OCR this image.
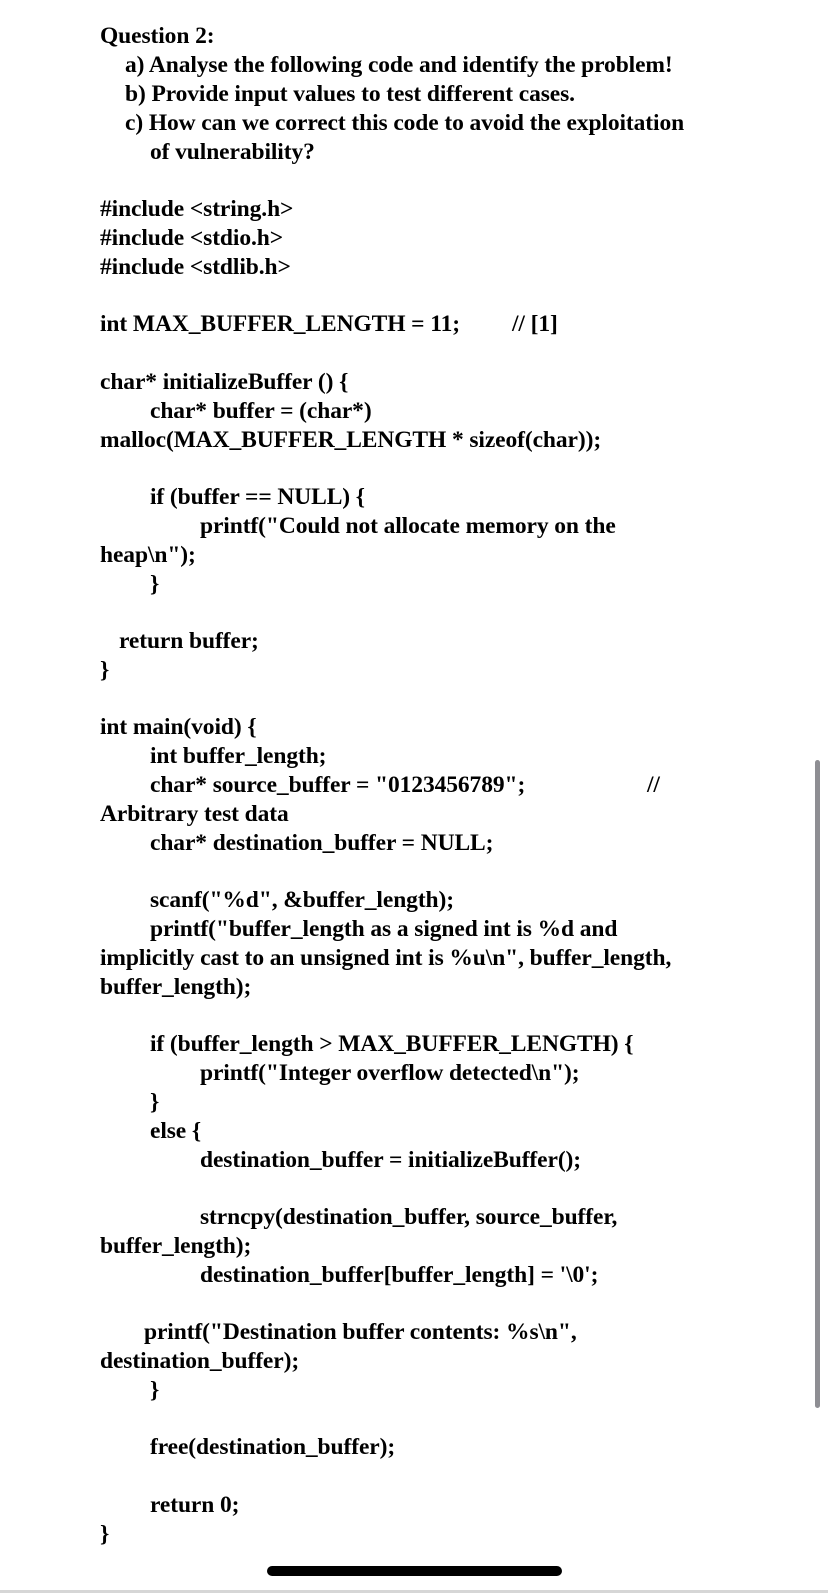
Question 2:
a) Analyse the following code and identify the problem!
b) Provide input values to test different cases.
c) How can we correct this code to avoid the exploitation
of vulnerability?
#include <string.h>
#include <stdio.h>
#include <stdlib.h>
int MAX_BUFFER_LENGTH = 11; // [1]
char* initializeBuffer () {
char* buffer = (char*)
malloc(MAX_BUFFER_LENGTH * sizeof(char));
if (buffer == NULL) {
printf("Could not allocate memory on the
heap\n");
}
return buffer;
}
int main(void) {
int buffer_length;
char* source_buffer = "0123456789";	//
Arbitrary test data
char* destination_buffer = NULL;
scanf("%d", &buffer_length);
printf("buffer_length as a signed int is %d and
implicitly cast to an unsigned int is %u\n", buffer_length,
buffer_length);
if (buffer_length > MAX_BUFFER_LENGTH) {
printf("Integer overflow detected\n");
}
else {
destination_buffer = initializeBuffer();
strncpy(destination_buffer, source_buffer,
buffer_length);
destination_buffer[buffer_length] = '\0';
printf("Destination buffer contents: %s\n",
destination_buffer);
}
free(destination_buffer);
return 0;
}
